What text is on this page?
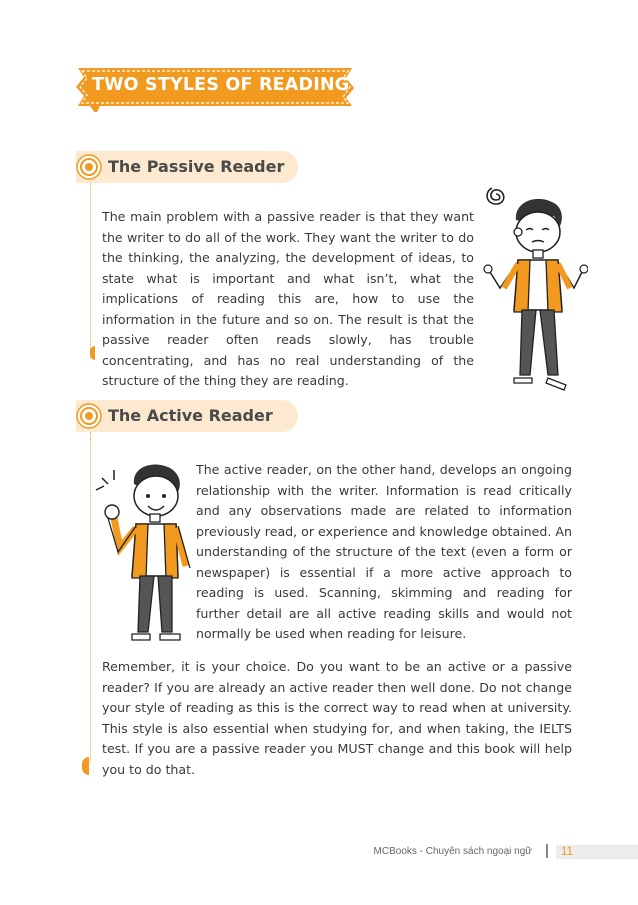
TWO STYLES OF READING
The Passive Reader
The main problem with a passive reader is that they want the writer to do all of the work. They want the writer to do the thinking, the analyzing, the development of ideas, to state what is important and what isn’t, what the implications of reading this are, how to use the information in the future and so on. The result is that the passive reader often reads slowly, has trouble concentrating, and has no real understanding of the structure of the thing they are reading.
The Active Reader
The active reader, on the other hand, develops an ongoing relationship with the writer. Information is read critically and any observations made are related to information previously read, or experience and knowledge obtained. An understanding of the structure of the text (even a form or newspaper) is essential if a more active approach to reading is used. Scanning, skimming and reading for further detail are all active reading skills and would not normally be used when reading for leisure.
Remember, it is your choice. Do you want to be an active or a passive reader? If you are already an active reader then well done. Do not change your style of reading as this is the correct way to read when at university. This style is also essential when studying for, and when taking, the IELTS test. If you are a passive reader you MUST change and this book will help you to do that.
MCBooks - Chuyên sách ngoại ngữ	11
